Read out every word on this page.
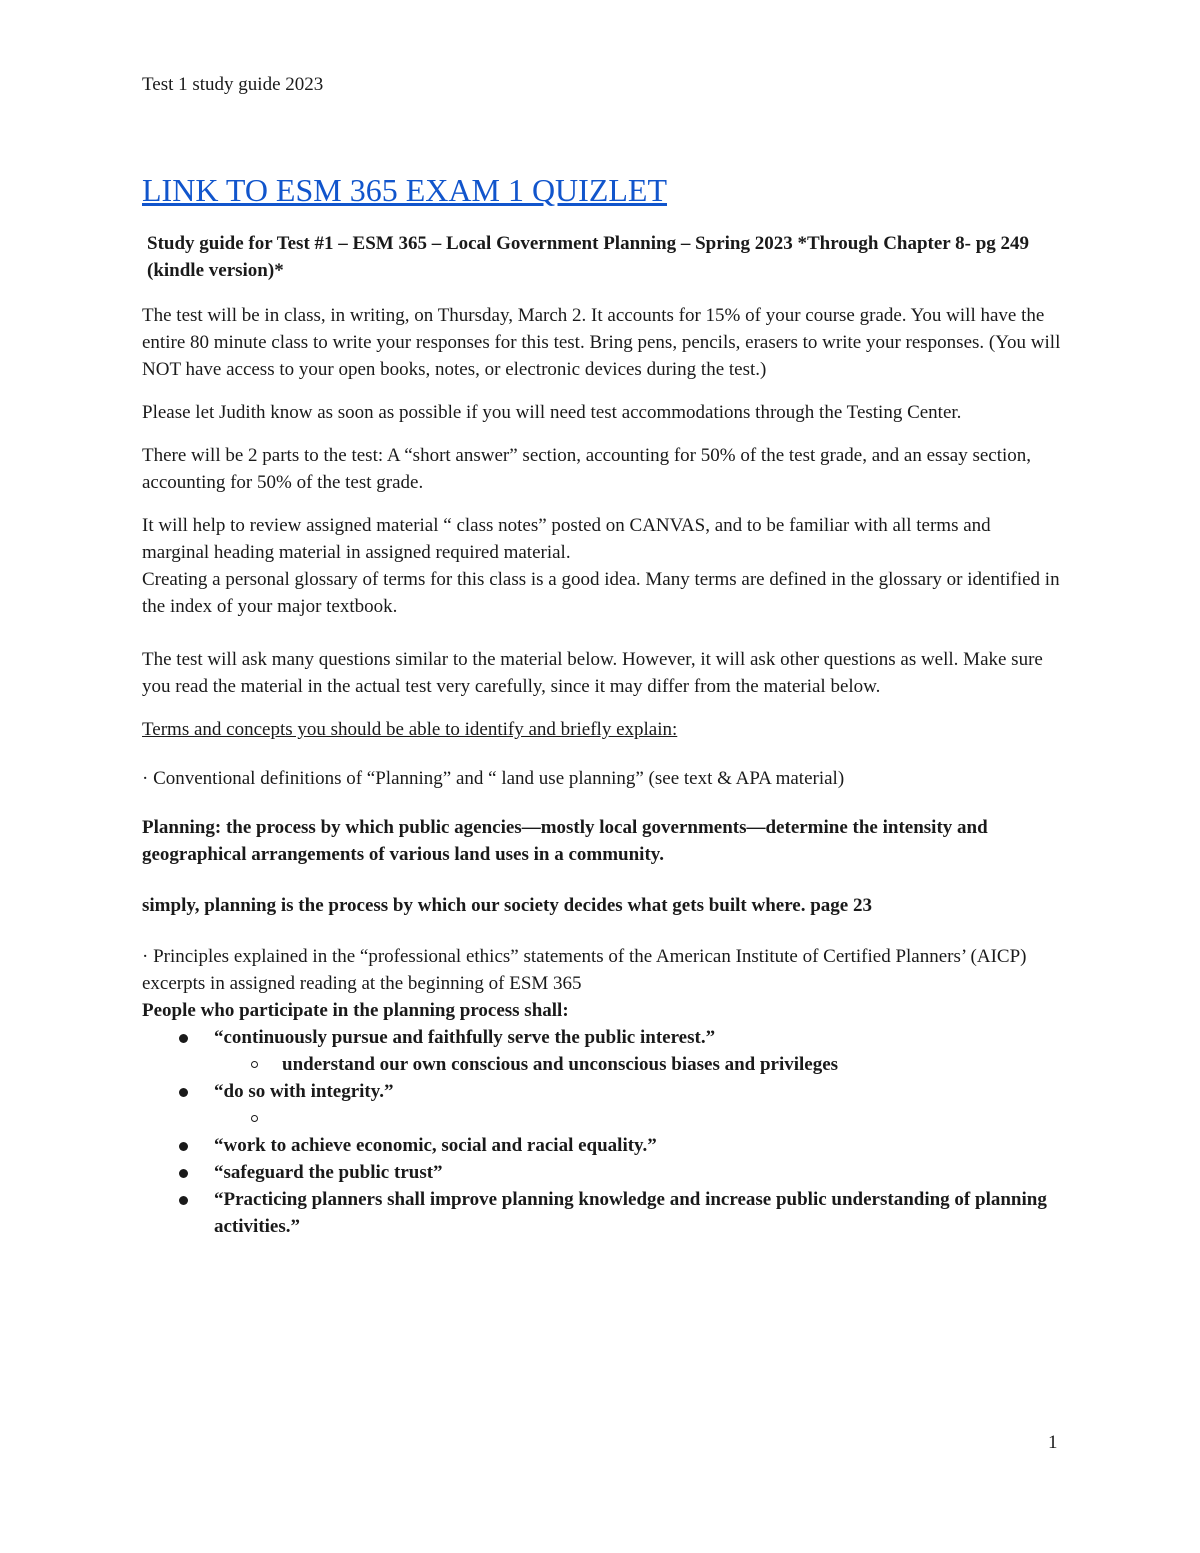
Test 1 study guide 2023
LINK TO ESM 365 EXAM 1 QUIZLET

Study guide for Test #1 – ESM 365 – Local Government Planning – Spring 2023 *Through Chapter 8- pg 249 (kindle version)*

The test will be in class, in writing, on Thursday, March 2. It accounts for 15% of your course grade. You will have the entire 80 minute class to write your responses for this test. Bring pens, pencils, erasers to write your responses. (You will NOT have access to your open books, notes, or electronic devices during the test.)

Please let Judith know as soon as possible if you will need test accommodations through the Testing Center.

There will be 2 parts to the test: A “short answer” section, accounting for 50% of the test grade, and an essay section, accounting for 50% of the test grade.

It will help to review assigned material “ class notes” posted on CANVAS, and to be familiar with all terms and marginal heading material in assigned required material.

Creating a personal glossary of terms for this class is a good idea. Many terms are defined in the glossary or identified in the index of your major textbook.

The test will ask many questions similar to the material below. However, it will ask other questions as well. Make sure you read the material in the actual test very carefully, since it may differ from the material below.

Terms and concepts you should be able to identify and briefly explain:

· Conventional definitions of “Planning” and “ land use planning” (see text & APA material)

Planning: the process by which public agencies—mostly local governments—determine the intensity and geographical arrangements of various land uses in a community.

simply, planning is the process by which our society decides what gets built where. page 23

· Principles explained in the “professional ethics” statements of the American Institute of Certified Planners’ (AICP) excerpts in assigned reading at the beginning of ESM 365

People who participate in the planning process shall:

“continuously pursue and faithfully serve the public interest.”
understand our own conscious and unconscious biases and privileges
“do so with integrity.”
“work to achieve economic, social and racial equality.”
“safeguard the public trust”
“Practicing planners shall improve planning knowledge and increase public understanding of planning activities.”
1
